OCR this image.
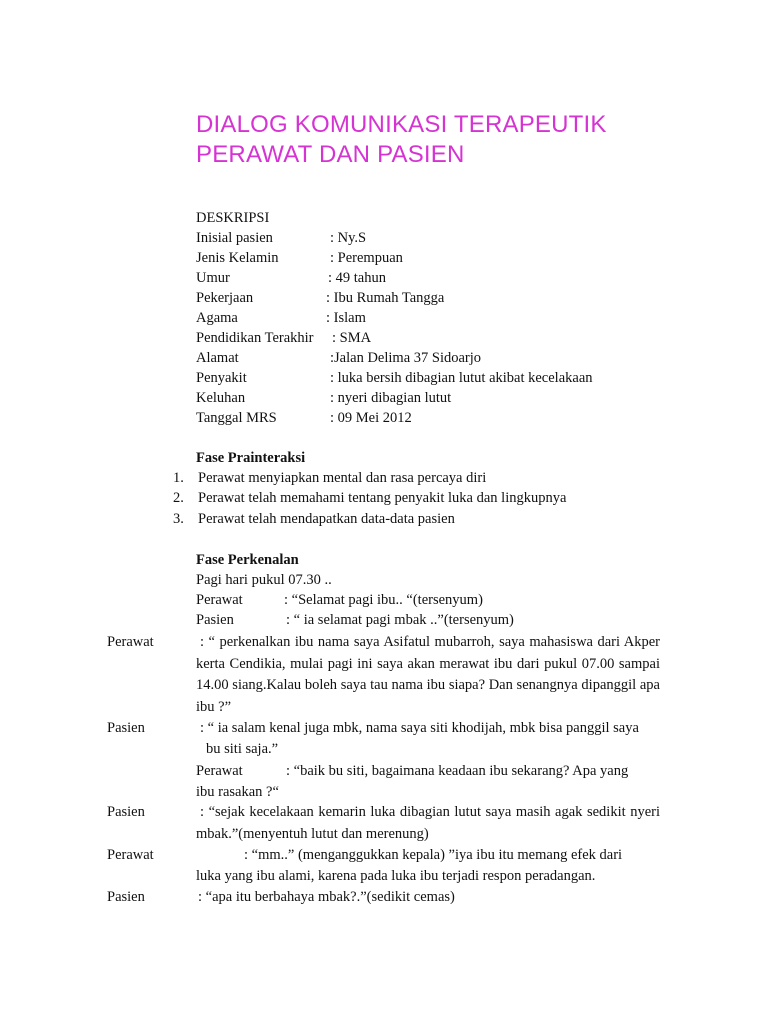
DIALOG KOMUNIKASI TERAPEUTIK
PERAWAT DAN PASIEN
DESKRIPSI
Inisial pasien	: Ny.S
Jenis Kelamin	: Perempuan
Umur	: 49 tahun
Pekerjaan	: Ibu Rumah Tangga
Agama	: Islam
Pendidikan Terakhir : SMA
Alamat	:Jalan Delima 37 Sidoarjo
Penyakit	: luka bersih dibagian lutut akibat kecelakaan
Keluhan	: nyeri dibagian lutut
Tanggal MRS	: 09 Mei 2012
Fase Prainteraksi
1. Perawat menyiapkan mental dan rasa percaya diri
2. Perawat telah memahami tentang penyakit luka dan lingkupnya
3. Perawat telah mendapatkan data-data pasien
Fase Perkenalan
Pagi hari pukul 07.30 ..
Perawat	: “Selamat pagi ibu.. “(tersenyum)
Pasien	: “ ia selamat pagi mbak ..”(tersenyum)
Perawat	: “ perkenalkan ibu nama saya Asifatul mubarroh, saya mahasiswa dari Akper kerta Cendikia, mulai pagi ini saya akan merawat ibu dari pukul 07.00 sampai 14.00 siang.Kalau boleh saya tau nama ibu siapa? Dan senangnya dipanggil apa ibu ?”
Pasien	: “ ia salam kenal juga mbk, nama saya siti khodijah, mbk bisa panggil saya
bu siti saja.”
Perawat	: “baik bu siti, bagaimana keadaan ibu sekarang? Apa yang
ibu rasakan ?“
Pasien	: “sejak kecelakaan kemarin luka dibagian lutut saya masih agak sedikit nyeri mbak.”(menyentuh lutut dan merenung)
Perawat	: “mm..” (menganggukkan kepala) ”iya ibu itu memang efek dari
luka yang ibu alami, karena pada luka ibu terjadi respon peradangan.
Pasien	: “apa itu berbahaya mbak?.”(sedikit cemas)
